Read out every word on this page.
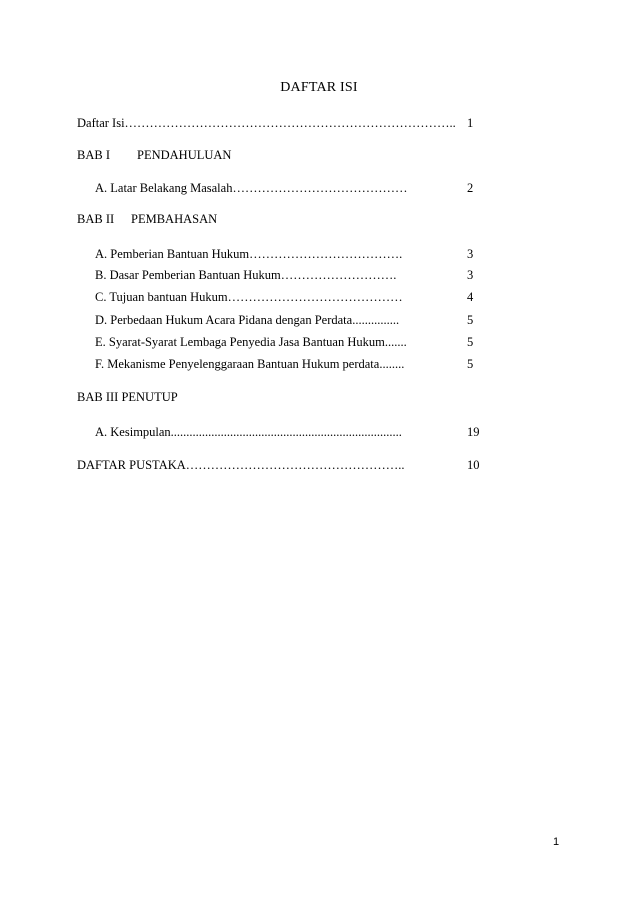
DAFTAR ISI
Daftar Isi…………………………………………………………………….. 1
BAB I PENDAHULUAN
A. Latar Belakang Masalah……………………………………	2
BAB II PEMBAHASAN
A. Pemberian Bantuan Hukum……………………………….	3
B. Dasar Pemberian Bantuan Hukum……………………….	3
C. Tujuan bantuan Hukum……………………………………	4
D. Perbedaan Hukum Acara Pidana dengan Perdata...............	5
E. Syarat-Syarat Lembaga Penyedia Jasa Bantuan Hukum.......	5
F. Mekanisme Penyelenggaraan Bantuan Hukum perdata........	5
BAB III PENUTUP
A. Kesimpulan..........................................................................	19
DAFTAR PUSTAKA……………………………………………..	10
1
